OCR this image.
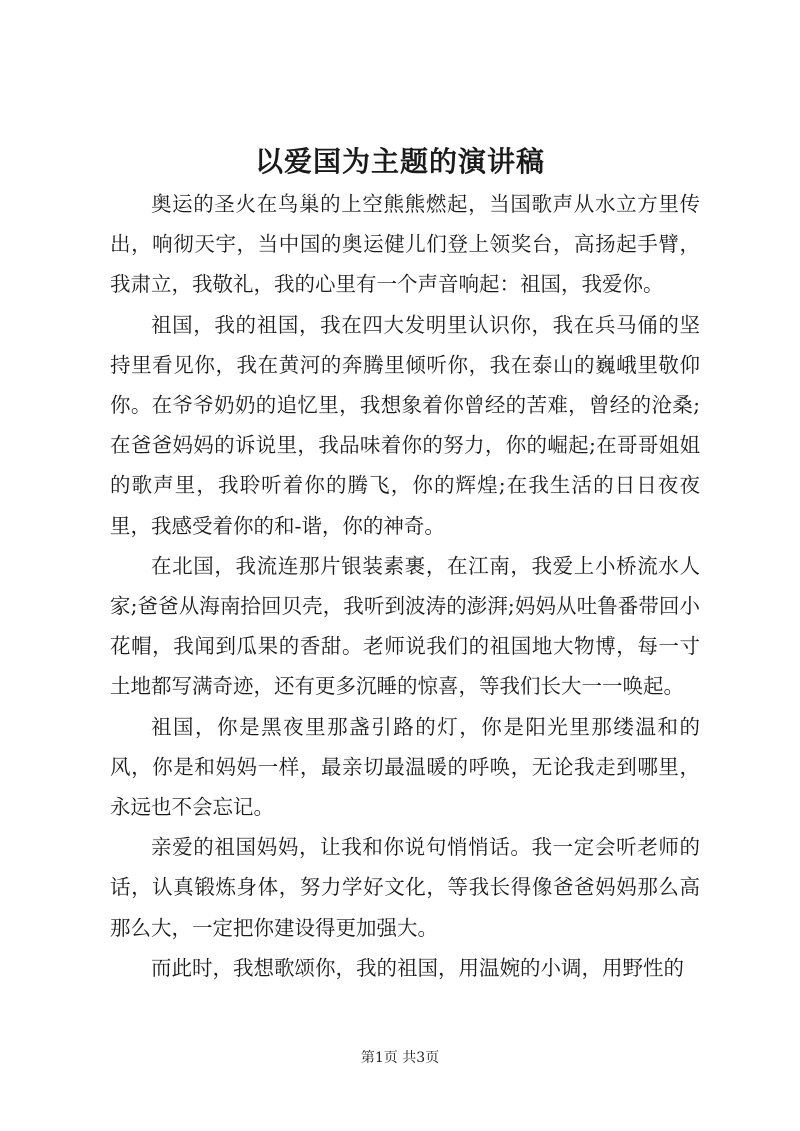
以爱国为主题的演讲稿

奥运的圣火在鸟巢的上空熊熊燃起，当国歌声从水立方里传出，响彻天宇，当中国的奥运健儿们登上领奖台，高扬起手臂，我肃立，我敬礼，我的心里有一个声音响起：祖国，我爱你。

祖国，我的祖国，我在四大发明里认识你，我在兵马俑的坚持里看见你，我在黄河的奔腾里倾听你，我在泰山的巍峨里敬仰你。在爷爷奶奶的追忆里，我想象着你曾经的苦难，曾经的沧桑;在爸爸妈妈的诉说里，我品味着你的努力，你的崛起;在哥哥姐姐的歌声里，我聆听着你的腾飞，你的辉煌;在我生活的日日夜夜里，我感受着你的和-谐，你的神奇。

在北国，我流连那片银装素裹，在江南，我爱上小桥流水人家;爸爸从海南拾回贝壳，我听到波涛的澎湃;妈妈从吐鲁番带回小花帽，我闻到瓜果的香甜。老师说我们的祖国地大物博，每一寸土地都写满奇迹，还有更多沉睡的惊喜，等我们长大一一唤起。

祖国，你是黑夜里那盏引路的灯，你是阳光里那缕温和的风，你是和妈妈一样，最亲切最温暖的呼唤，无论我走到哪里，永远也不会忘记。

亲爱的祖国妈妈，让我和你说句悄悄话。我一定会听老师的话，认真锻炼身体，努力学好文化，等我长得像爸爸妈妈那么高那么大，一定把你建设得更加强大。

而此时，我想歌颂你，我的祖国，用温婉的小调，用野性的

第1页 共3页
